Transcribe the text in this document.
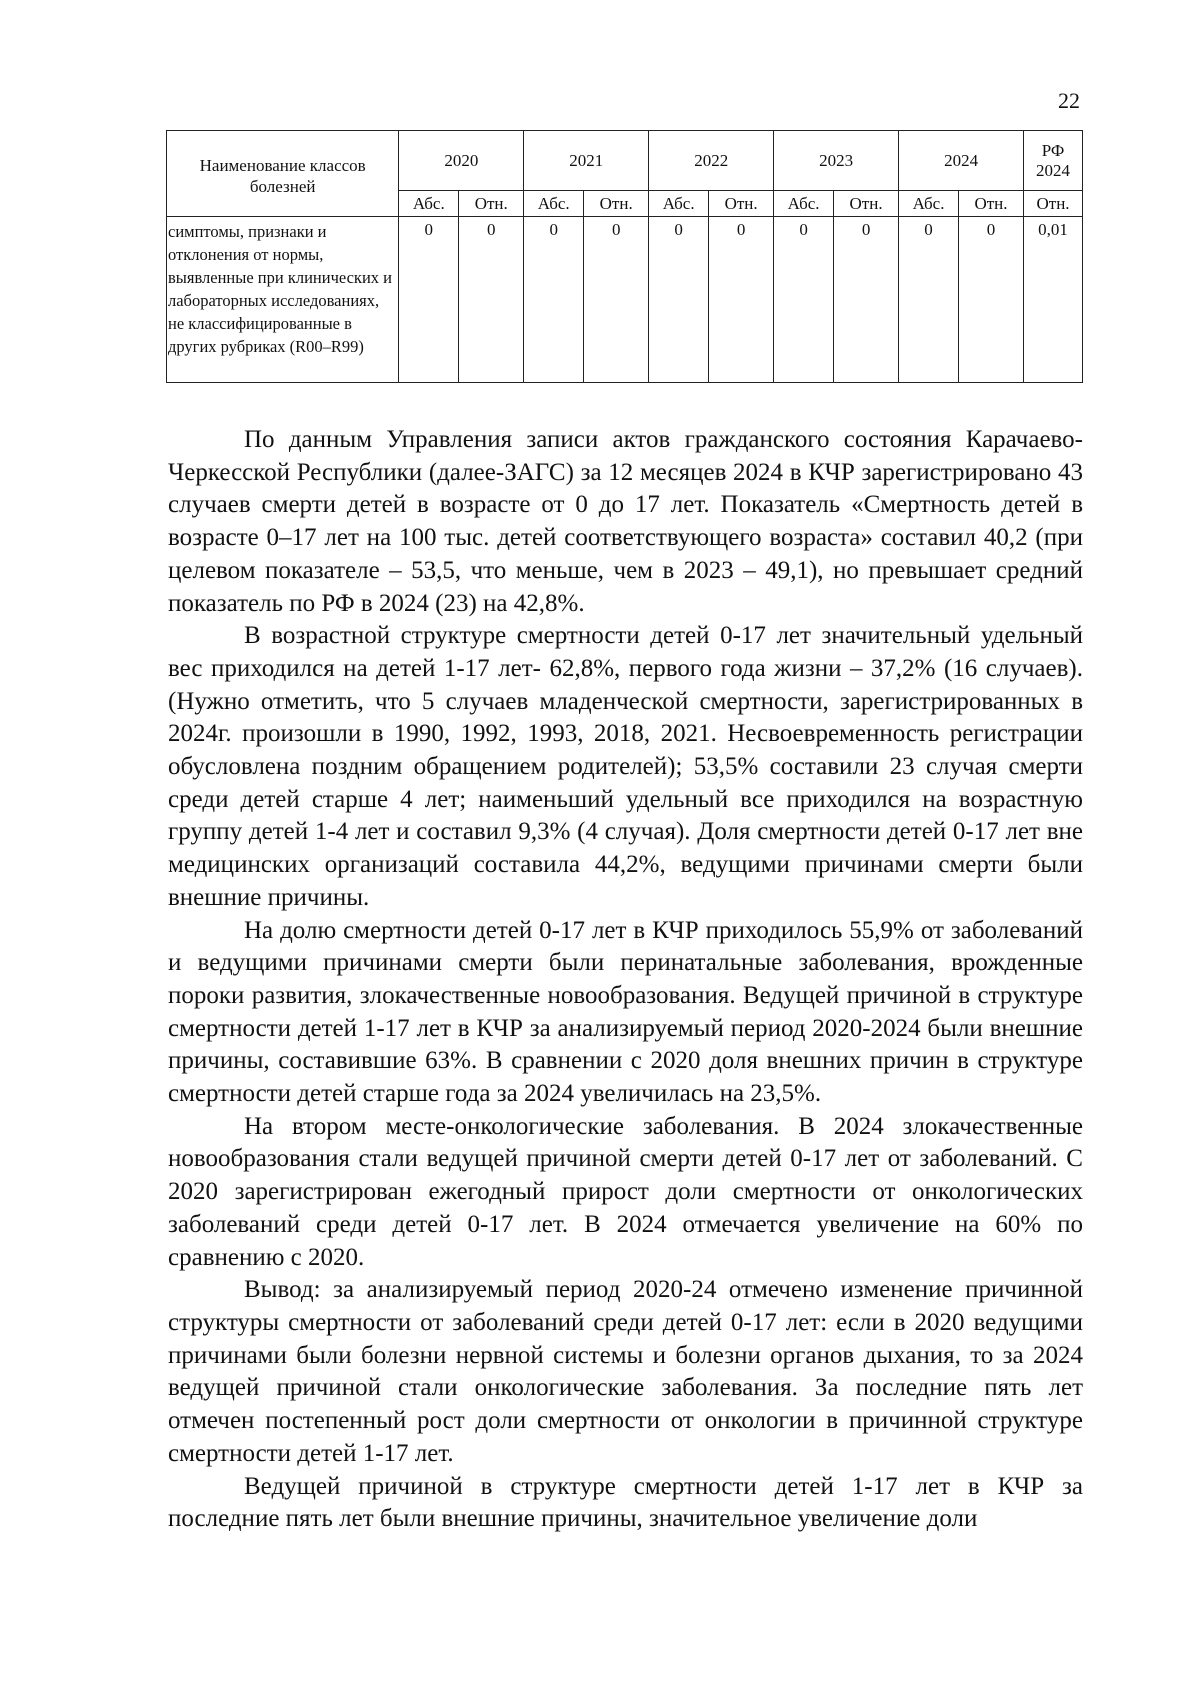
22
Наименование классов болезней	2020		2021		2022		2023		2024		РФ 2024
	Абс.	Отн.	Абс.	Отн.	Абс.	Отн.	Абс.	Отн.	Абс.	Отн.	Отн.
симптомы, признаки и отклонения от нормы, выявленные при клинических и лабораторных исследованиях, не классифицированные в других рубриках (R00–R99)	0	0	0	0	0	0	0	0	0	0	0,01

По данным Управления записи актов гражданского состояния Карачаево-Черкесской Республики (далее-ЗАГС) за 12 месяцев 2024 в КЧР зарегистрировано 43 случаев смерти детей в возрасте от 0 до 17 лет. Показатель «Смертность детей в возрасте 0–17 лет на 100 тыс. детей соответствующего возраста» составил 40,2 (при целевом показателе – 53,5, что меньше, чем в 2023 – 49,1), но превышает средний показатель по РФ в 2024 (23) на 42,8%.

В возрастной структуре смертности детей 0-17 лет значительный удельный вес приходился на детей 1-17 лет- 62,8%, первого года жизни – 37,2% (16 случаев). (Нужно отметить, что 5 случаев младенческой смертности, зарегистрированных в 2024г. произошли в 1990, 1992, 1993, 2018, 2021. Несвоевременность регистрации обусловлена поздним обращением родителей); 53,5% составили 23 случая смерти среди детей старше 4 лет; наименьший удельный все приходился на возрастную группу детей 1-4 лет и составил 9,3% (4 случая). Доля смертности детей 0-17 лет вне медицинских организаций составила 44,2%, ведущими причинами смерти были внешние причины.

На долю смертности детей 0-17 лет в КЧР приходилось 55,9% от заболеваний и ведущими причинами смерти были перинатальные заболевания, врожденные пороки развития, злокачественные новообразования. Ведущей причиной в структуре смертности детей 1-17 лет в КЧР за анализируемый период 2020-2024 были внешние причины, составившие 63%. В сравнении с 2020 доля внешних причин в структуре смертности детей старше года за 2024 увеличилась на 23,5%.

На втором месте-онкологические заболевания. В 2024 злокачественные новообразования стали ведущей причиной смерти детей 0-17 лет от заболеваний. С 2020 зарегистрирован ежегодный прирост доли смертности от онкологических заболеваний среди детей 0-17 лет. В 2024 отмечается увеличение на 60% по сравнению с 2020.

Вывод: за анализируемый период 2020-24 отмечено изменение причинной структуры смертности от заболеваний среди детей 0-17 лет: если в 2020 ведущими причинами были болезни нервной системы и болезни органов дыхания, то за 2024 ведущей причиной стали онкологические заболевания. За последние пять лет отмечен постепенный рост доли смертности от онкологии в причинной структуре смертности детей 1-17 лет.

Ведущей причиной в структуре смертности детей 1-17 лет в КЧР за последние пять лет были внешние причины, значительное увеличение доли
